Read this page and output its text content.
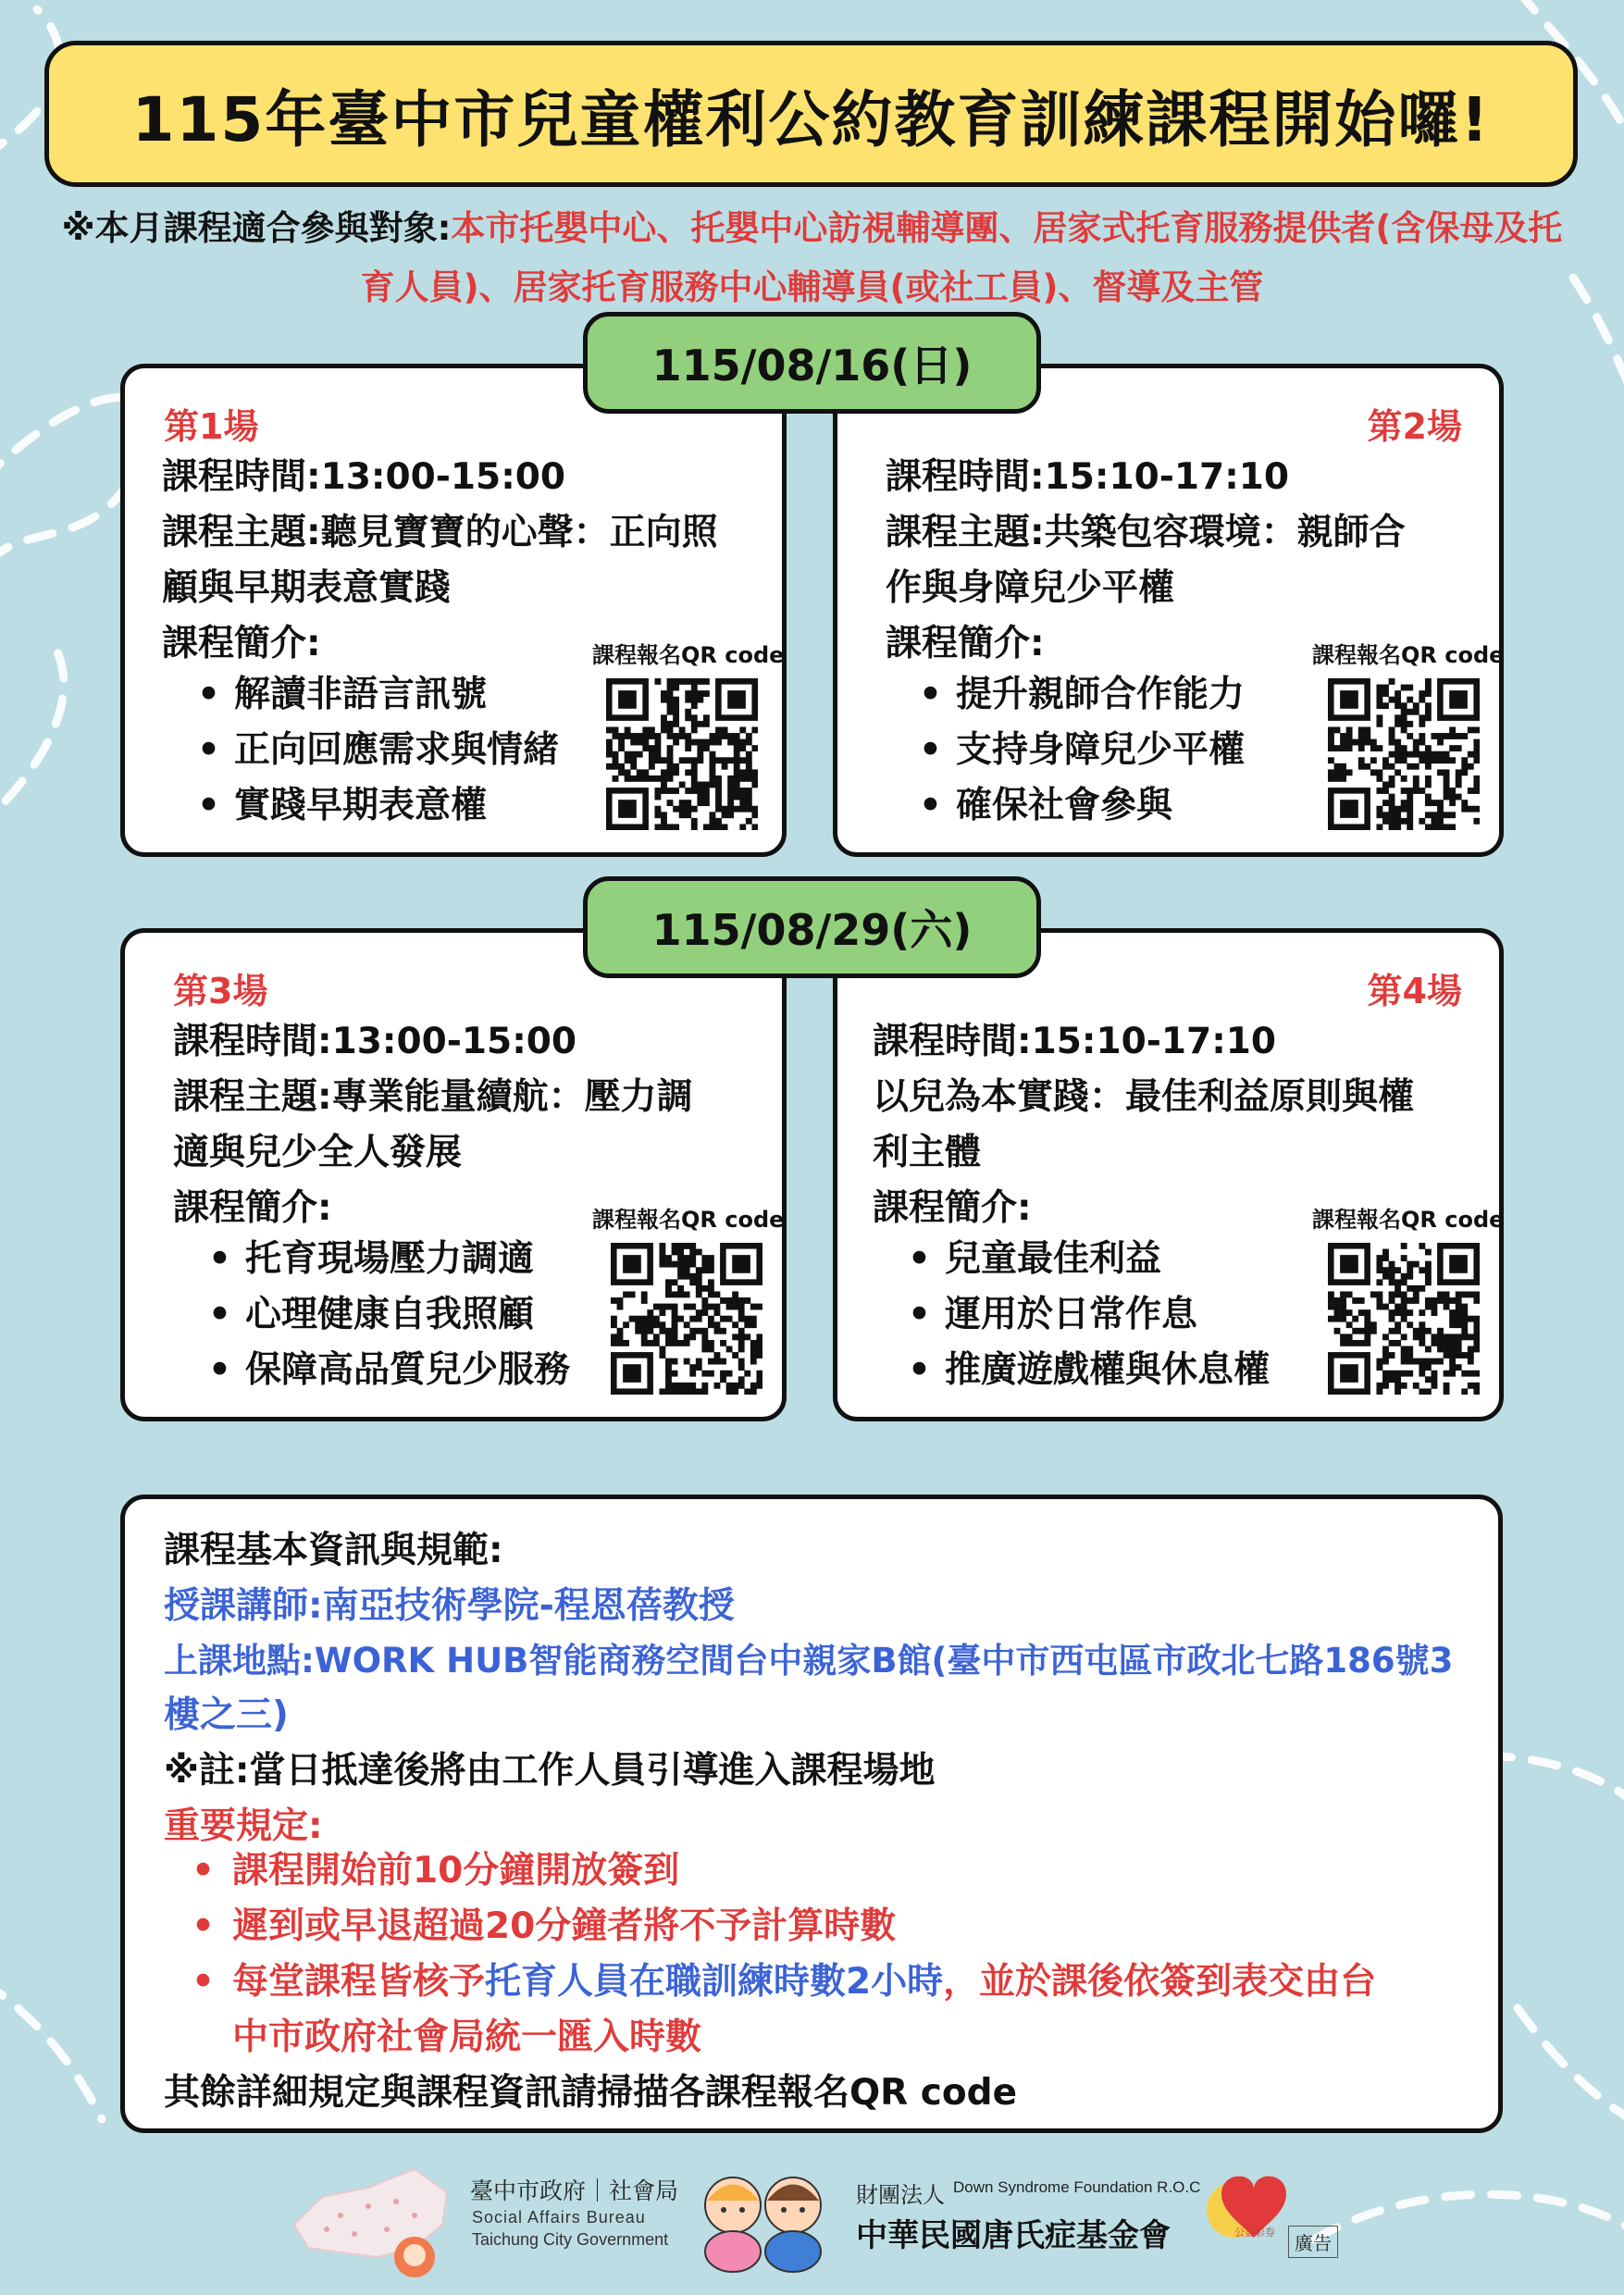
115年臺中市兒童權利公約教育訓練課程開始囉!
※本月課程適合參與對象:本市托嬰中心、托嬰中心訪視輔導團、居家式托育服務提供者(含保母及托
育人員)、居家托育服務中心輔導員(或社工員)、督導及主管
115/08/16(日)
第1場
課程時間:13:00-15:00
課程主題:聽見寶寶的心聲：正向照
顧與早期表意實踐
課程簡介:
• 解讀非語言訊號
• 正向回應需求與情緒
• 實踐早期表意權
課程報名QR code
第2場
課程時間:15:10-17:10
課程主題:共築包容環境：親師合
作與身障兒少平權
課程簡介:
• 提升親師合作能力
• 支持身障兒少平權
• 確保社會參與
課程報名QR code
115/08/29(六)
第3場
課程時間:13:00-15:00
課程主題:專業能量續航：壓力調
適與兒少全人發展
課程簡介:
• 托育現場壓力調適
• 心理健康自我照顧
• 保障高品質兒少服務
課程報名QR code
第4場
課程時間:15:10-17:10
以兒為本實踐：最佳利益原則與權
利主體
課程簡介:
• 兒童最佳利益
• 運用於日常作息
• 推廣遊戲權與休息權
課程報名QR code
課程基本資訊與規範:
授課講師:南亞技術學院-程恩蓓教授
上課地點:WORK HUB智能商務空間台中親家B館(臺中市西屯區市政北七路186號3
樓之三)
※註:當日抵達後將由工作人員引導進入課程場地
重要規定:
• 課程開始前10分鐘開放簽到
• 遲到或早退超過20分鐘者將不予計算時數
• 每堂課程皆核予托育人員在職訓練時數2小時，並於課後依簽到表交由台
中市政府社會局統一匯入時數
其餘詳細規定與課程資訊請掃描各課程報名QR code
臺中市政府｜社會局
Social Affairs Bureau
Taichung City Government
財團法人 Down Syndrome Foundation R.O.C
中華民國唐氏症基金會	公益彩券
廣告
